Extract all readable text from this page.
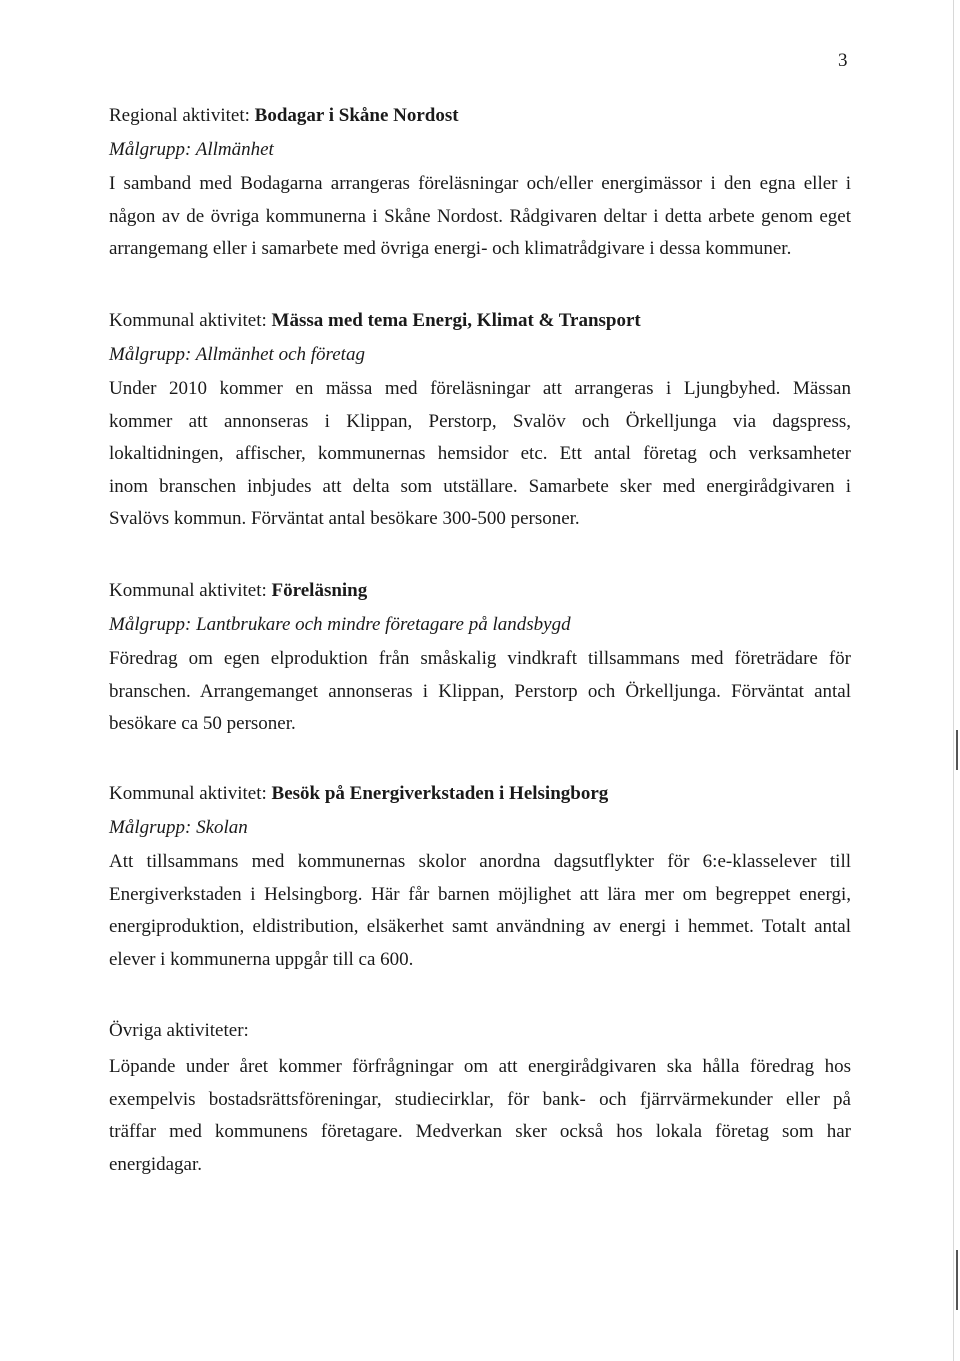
3
Regional aktivitet: Bodagar i Skåne Nordost
Målgrupp: Allmänhet
I samband med Bodagarna arrangeras föreläsningar och/eller energimässor i den egna eller i
någon av de övriga kommunerna i Skåne Nordost. Rådgivaren deltar i detta arbete genom eget
arrangemang eller i samarbete med övriga energi- och klimatrådgivare i dessa kommuner.
Kommunal aktivitet: Mässa med tema Energi, Klimat & Transport
Målgrupp: Allmänhet och företag
Under 2010 kommer en mässa med föreläsningar att arrangeras i Ljungbyhed. Mässan
kommer att annonseras i Klippan, Perstorp, Svalöv och Örkelljunga via dagspress,
lokaltidningen, affischer, kommunernas hemsidor etc. Ett antal företag och verksamheter
inom branschen inbjudes att delta som utställare. Samarbete sker med energirådgivaren i
Svalövs kommun. Förväntat antal besökare 300-500 personer.
Kommunal aktivitet: Föreläsning
Målgrupp: Lantbrukare och mindre företagare på landsbygd
Föredrag om egen elproduktion från småskalig vindkraft tillsammans med företrädare för
branschen. Arrangemanget annonseras i Klippan, Perstorp och Örkelljunga. Förväntat antal
besökare ca 50 personer.
Kommunal aktivitet: Besök på Energiverkstaden i Helsingborg
Målgrupp: Skolan
Att tillsammans med kommunernas skolor anordna dagsutflykter för 6:e-klasselever till
Energiverkstaden i Helsingborg. Här får barnen möjlighet att lära mer om begreppet energi,
energiproduktion, eldistribution, elsäkerhet samt användning av energi i hemmet. Totalt antal
elever i kommunerna uppgår till ca 600.
Övriga aktiviteter:
Löpande under året kommer förfrågningar om att energirådgivaren ska hålla föredrag hos
exempelvis bostadsrättsföreningar, studiecirklar, för bank- och fjärrvärmekunder eller på
träffar med kommunens företagare. Medverkan sker också hos lokala företag som har
energidagar.
